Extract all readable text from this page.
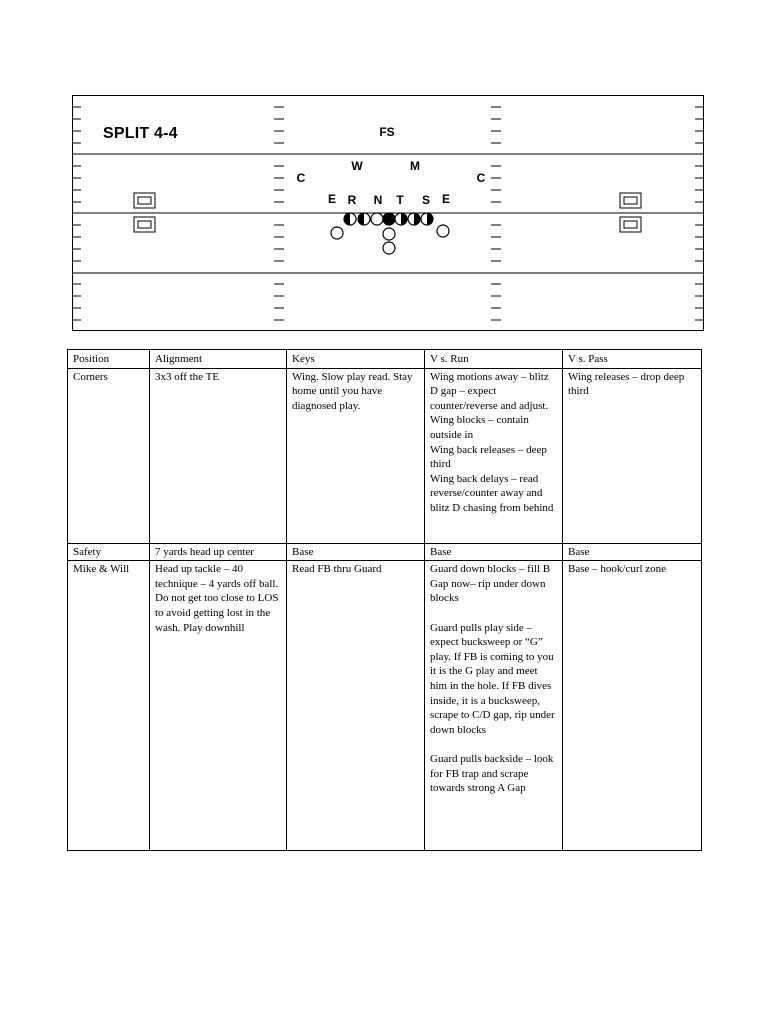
SPLIT 4-4	FS
W	M
C	C
E R N T S E
Position	Alignment	Keys	V s. Run	V s. Pass
Corners	3x3 off the TE	Wing. Slow play read. Stay home until you have diagnosed play.	Wing motions away – blitz D gap – expect counter/reverse and adjust.
Wing blocks – contain outside in
Wing back releases – deep third
Wing back delays – read reverse/counter away and blitz D chasing from behind	Wing releases – drop deep third
Safety	7 yards head up center	Base	Base	Base
Mike & Will	Head up tackle – 40 technique – 4 yards off ball. Do not get too close to LOS to avoid getting lost in the wash. Play downhill	Read FB thru Guard	Guard down blocks – fill B Gap now– rip under down blocks

Guard pulls play side – expect bucksweep or “G” play. If FB is coming to you it is the G play and meet him in the hole. If FB dives inside, it is a bucksweep, scrape to C/D gap, rip under down blocks

Guard pulls backside – look for FB trap and scrape towards strong A Gap	Base – hook/curl zone
